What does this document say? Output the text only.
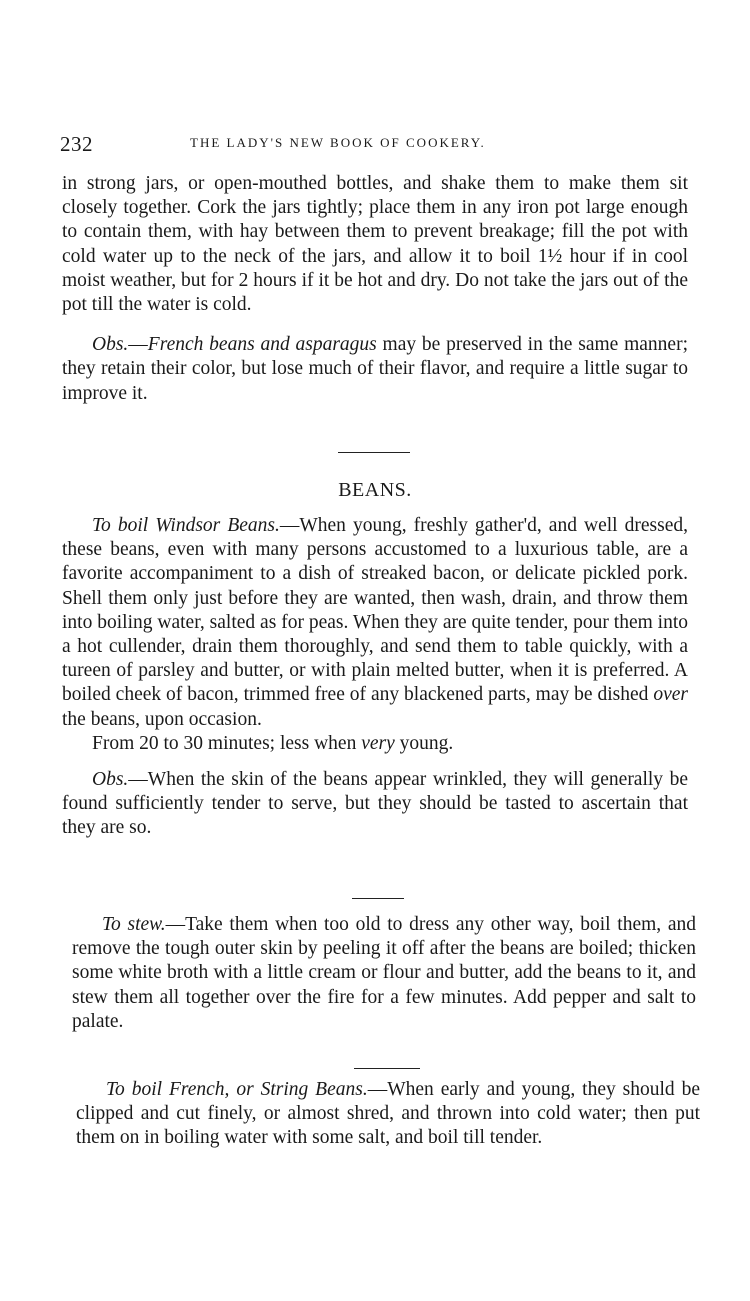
232	THE LADY'S NEW BOOK OF COOKERY.

in strong jars, or open-mouthed bottles, and shake them to make them sit closely together. Cork the jars tightly; place them in any iron pot large enough to contain them, with hay between them to prevent breakage; fill the pot with cold water up to the neck of the jars, and allow it to boil 1½ hour if in cool moist weather, but for 2 hours if it be hot and dry. Do not take the jars out of the pot till the water is cold.

Obs.—French beans and asparagus may be preserved in the same manner; they retain their color, but lose much of their flavor, and require a little sugar to improve it.

BEANS.

To boil Windsor Beans.—When young, freshly gather'd, and well dressed, these beans, even with many persons accustomed to a luxurious table, are a favorite accompaniment to a dish of streaked bacon, or delicate pickled pork. Shell them only just before they are wanted, then wash, drain, and throw them into boiling water, salted as for peas. When they are quite tender, pour them into a hot cullender, drain them thoroughly, and send them to table quickly, with a tureen of parsley and butter, or with plain melted butter, when it is preferred. A boiled cheek of bacon, trimmed free of any blackened parts, may be dished over the beans, upon occasion.

From 20 to 30 minutes; less when very young.

Obs.—When the skin of the beans appear wrinkled, they will generally be found sufficiently tender to serve, but they should be tasted to ascertain that they are so.

To stew.—Take them when too old to dress any other way, boil them, and remove the tough outer skin by peeling it off after the beans are boiled; thicken some white broth with a little cream or flour and butter, add the beans to it, and stew them all together over the fire for a few minutes. Add pepper and salt to palate.

To boil French, or String Beans.—When early and young, they should be clipped and cut finely, or almost shred, and thrown into cold water; then put them on in boiling water with some salt, and boil till tender.
